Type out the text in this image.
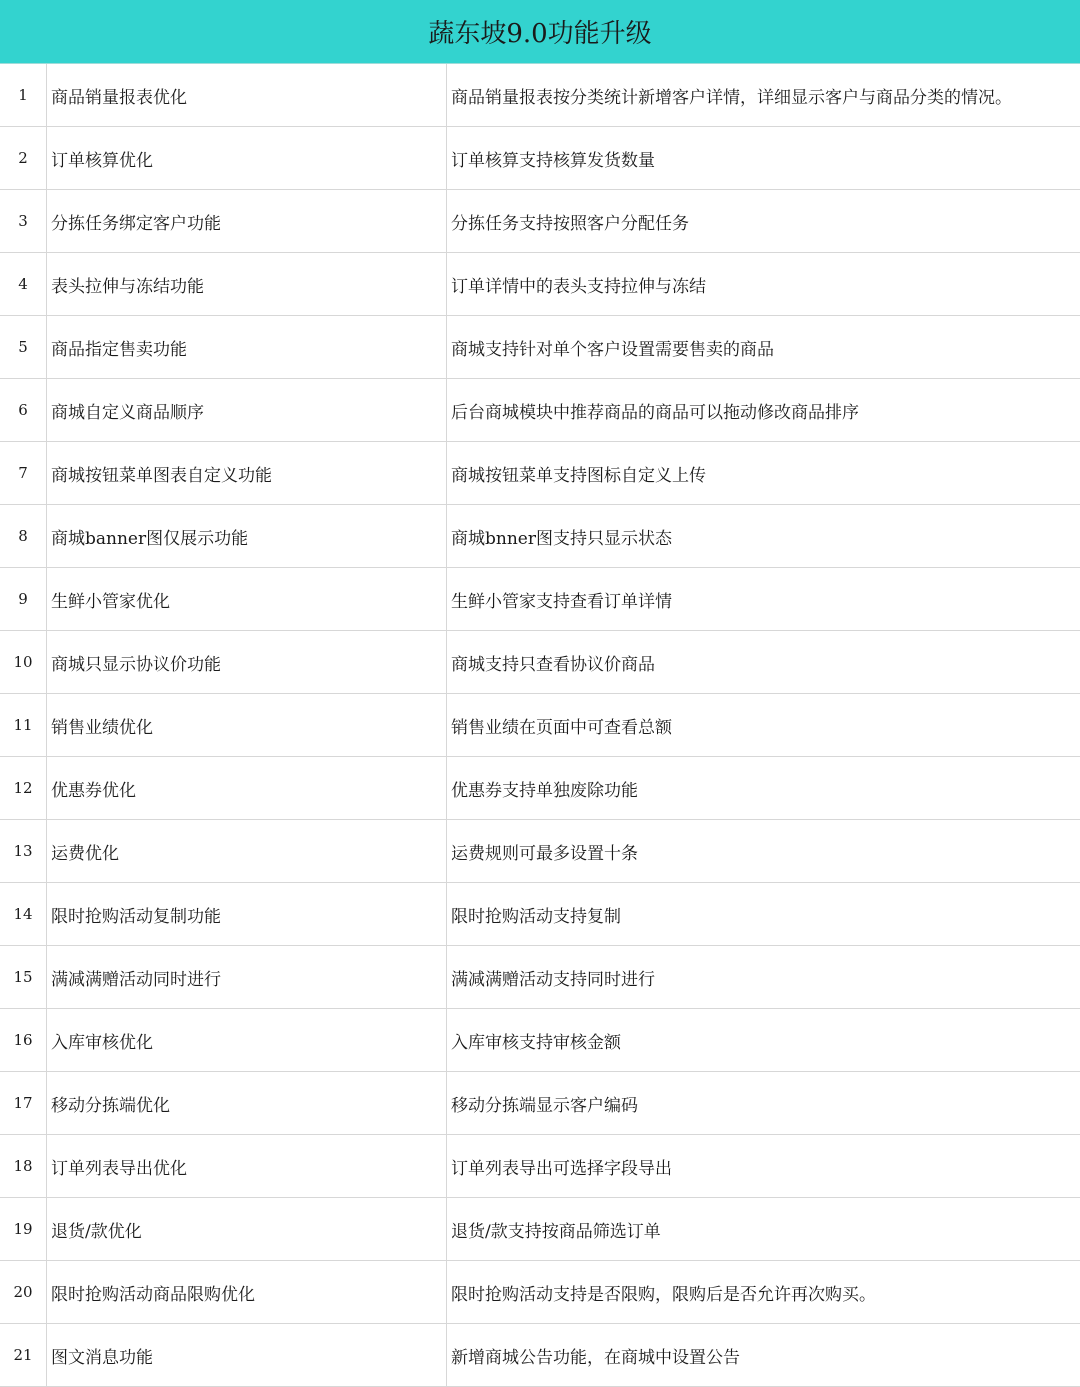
蔬东坡9.0功能升级
1	商品销量报表优化	商品销量报表按分类统计新增客户详情，详细显示客户与商品分类的情况。
2	订单核算优化	订单核算支持核算发货数量
3	分拣任务绑定客户功能	分拣任务支持按照客户分配任务
4	表头拉伸与冻结功能	订单详情中的表头支持拉伸与冻结
5	商品指定售卖功能	商城支持针对单个客户设置需要售卖的商品
6	商城自定义商品顺序	后台商城模块中推荐商品的商品可以拖动修改商品排序
7	商城按钮菜单图表自定义功能	商城按钮菜单支持图标自定义上传
8	商城banner图仅展示功能	商城bnner图支持只显示状态
9	生鲜小管家优化	生鲜小管家支持查看订单详情
10	商城只显示协议价功能	商城支持只查看协议价商品
11	销售业绩优化	销售业绩在页面中可查看总额
12	优惠券优化	优惠券支持单独废除功能
13	运费优化	运费规则可最多设置十条
14	限时抢购活动复制功能	限时抢购活动支持复制
15	满减满赠活动同时进行	满减满赠活动支持同时进行
16	入库审核优化	入库审核支持审核金额
17	移动分拣端优化	移动分拣端显示客户编码
18	订单列表导出优化	订单列表导出可选择字段导出
19	退货/款优化	退货/款支持按商品筛选订单
20	限时抢购活动商品限购优化	限时抢购活动支持是否限购，限购后是否允许再次购买。
21	图文消息功能	新增商城公告功能，在商城中设置公告
